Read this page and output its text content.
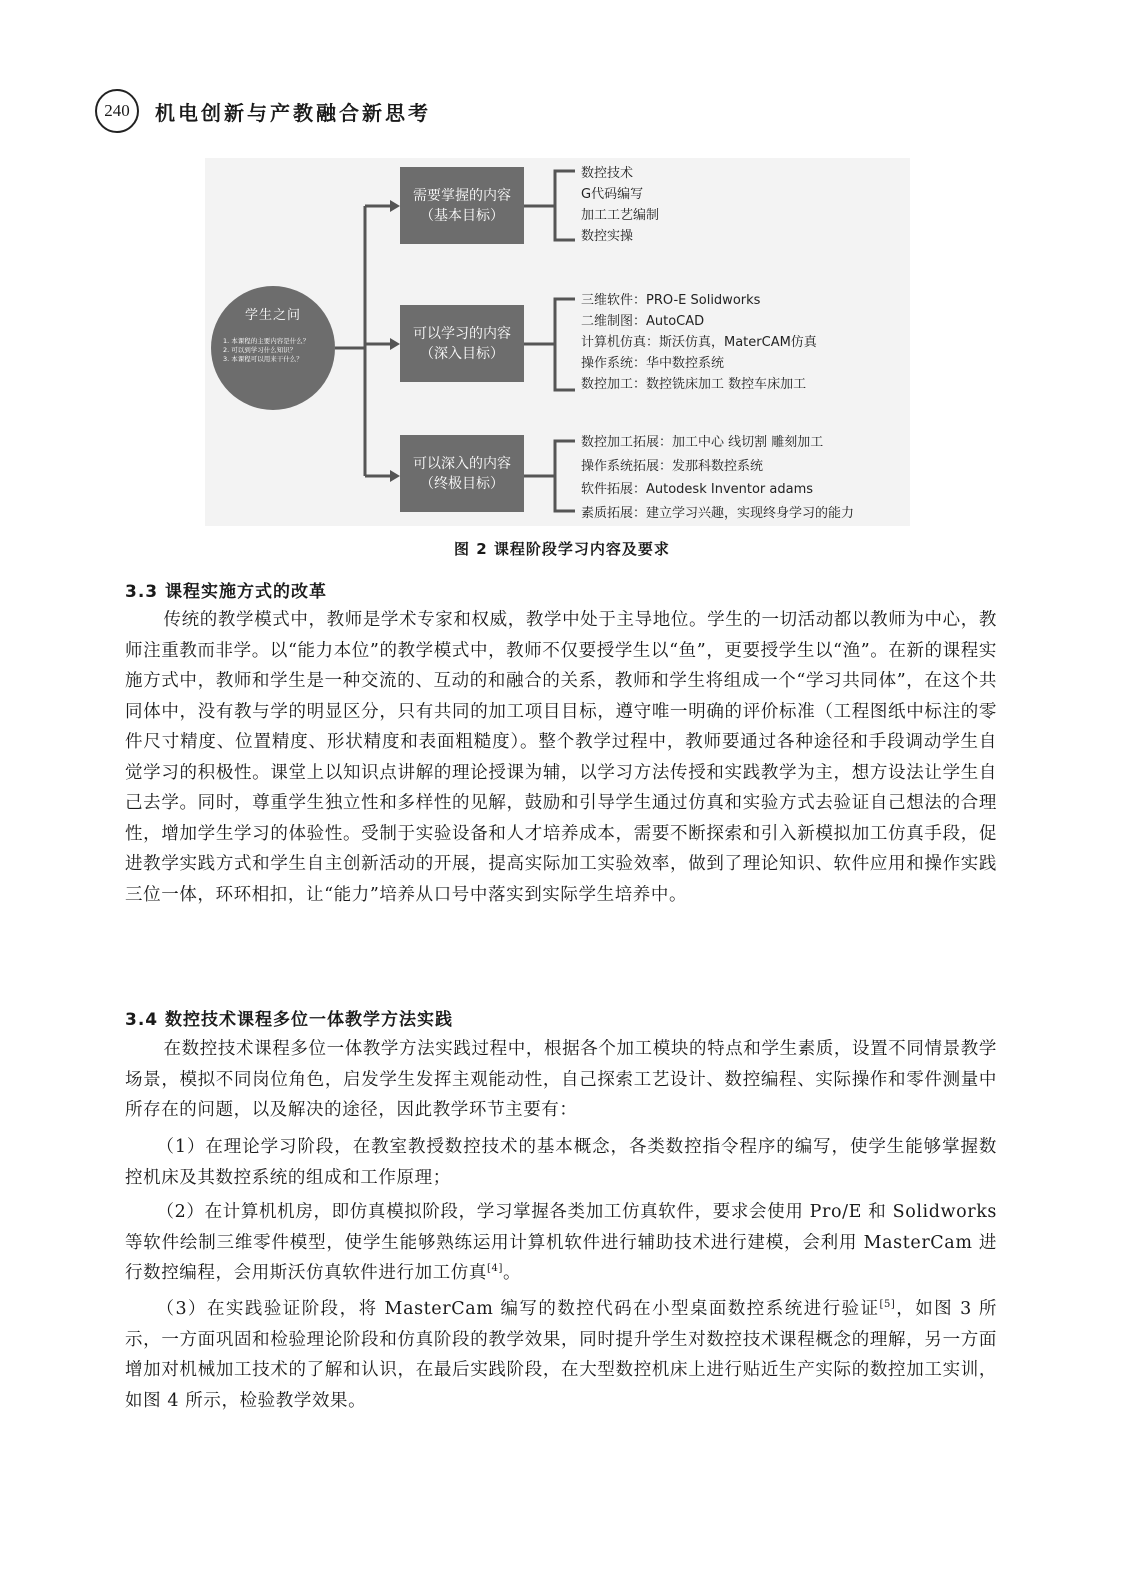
240	机电创新与产教融合新思考
学生之问
1. 本课程的主要内容是什么？
2. 可以到学习什么知识？
3. 本课程可以用来干什么？
需要掌握的内容
（基本目标）
可以学习的内容
（深入目标）
可以深入的内容
（终极目标）
数控技术
G代码编写
加工工艺编制
数控实操
三维软件：PRO-E Solidworks
二维制图：AutoCAD
计算机仿真：斯沃仿真，MaterCAM仿真
操作系统：华中数控系统
数控加工：数控铣床加工 数控车床加工
数控加工拓展：加工中心 线切割 雕刻加工
操作系统拓展：发那科数控系统
软件拓展：Autodesk Inventor adams
素质拓展：建立学习兴趣，实现终身学习的能力
图 2 课程阶段学习内容及要求
3.3 课程实施方式的改革
传统的教学模式中，教师是学术专家和权威，教学中处于主导地位。学生的一切活动都以教师为中心，教师注重教而非学。以“能力本位”的教学模式中，教师不仅要授学生以“鱼”，更要授学生以“渔”。在新的课程实施方式中，教师和学生是一种交流的、互动的和融合的关系，教师和学生将组成一个“学习共同体”，在这个共同体中，没有教与学的明显区分，只有共同的加工项目目标，遵守唯一明确的评价标准（工程图纸中标注的零件尺寸精度、位置精度、形状精度和表面粗糙度）。整个教学过程中，教师要通过各种途径和手段调动学生自觉学习的积极性。课堂上以知识点讲解的理论授课为辅，以学习方法传授和实践教学为主，想方设法让学生自己去学。同时，尊重学生独立性和多样性的见解，鼓励和引导学生通过仿真和实验方式去验证自己想法的合理性，增加学生学习的体验性。受制于实验设备和人才培养成本，需要不断探索和引入新模拟加工仿真手段，促进教学实践方式和学生自主创新活动的开展，提高实际加工实验效率，做到了理论知识、软件应用和操作实践三位一体，环环相扣，让“能力”培养从口号中落实到实际学生培养中。
3.4 数控技术课程多位一体教学方法实践
在数控技术课程多位一体教学方法实践过程中，根据各个加工模块的特点和学生素质，设置不同情景教学场景，模拟不同岗位角色，启发学生发挥主观能动性，自己探索工艺设计、数控编程、实际操作和零件测量中所存在的问题，以及解决的途径，因此教学环节主要有：
（1）在理论学习阶段，在教室教授数控技术的基本概念，各类数控指令程序的编写，使学生能够掌握数控机床及其数控系统的组成和工作原理；
（2）在计算机机房，即仿真模拟阶段，学习掌握各类加工仿真软件，要求会使用 Pro/E 和 Solidworks 等软件绘制三维零件模型，使学生能够熟练运用计算机软件进行辅助技术进行建模，会利用 MasterCam 进行数控编程，会用斯沃仿真软件进行加工仿真[4]。
（3）在实践验证阶段，将 MasterCam 编写的数控代码在小型桌面数控系统进行验证[5]，如图 3 所示，一方面巩固和检验理论阶段和仿真阶段的教学效果，同时提升学生对数控技术课程概念的理解，另一方面增加对机械加工技术的了解和认识，在最后实践阶段，在大型数控机床上进行贴近生产实际的数控加工实训，如图 4 所示，检验教学效果。
